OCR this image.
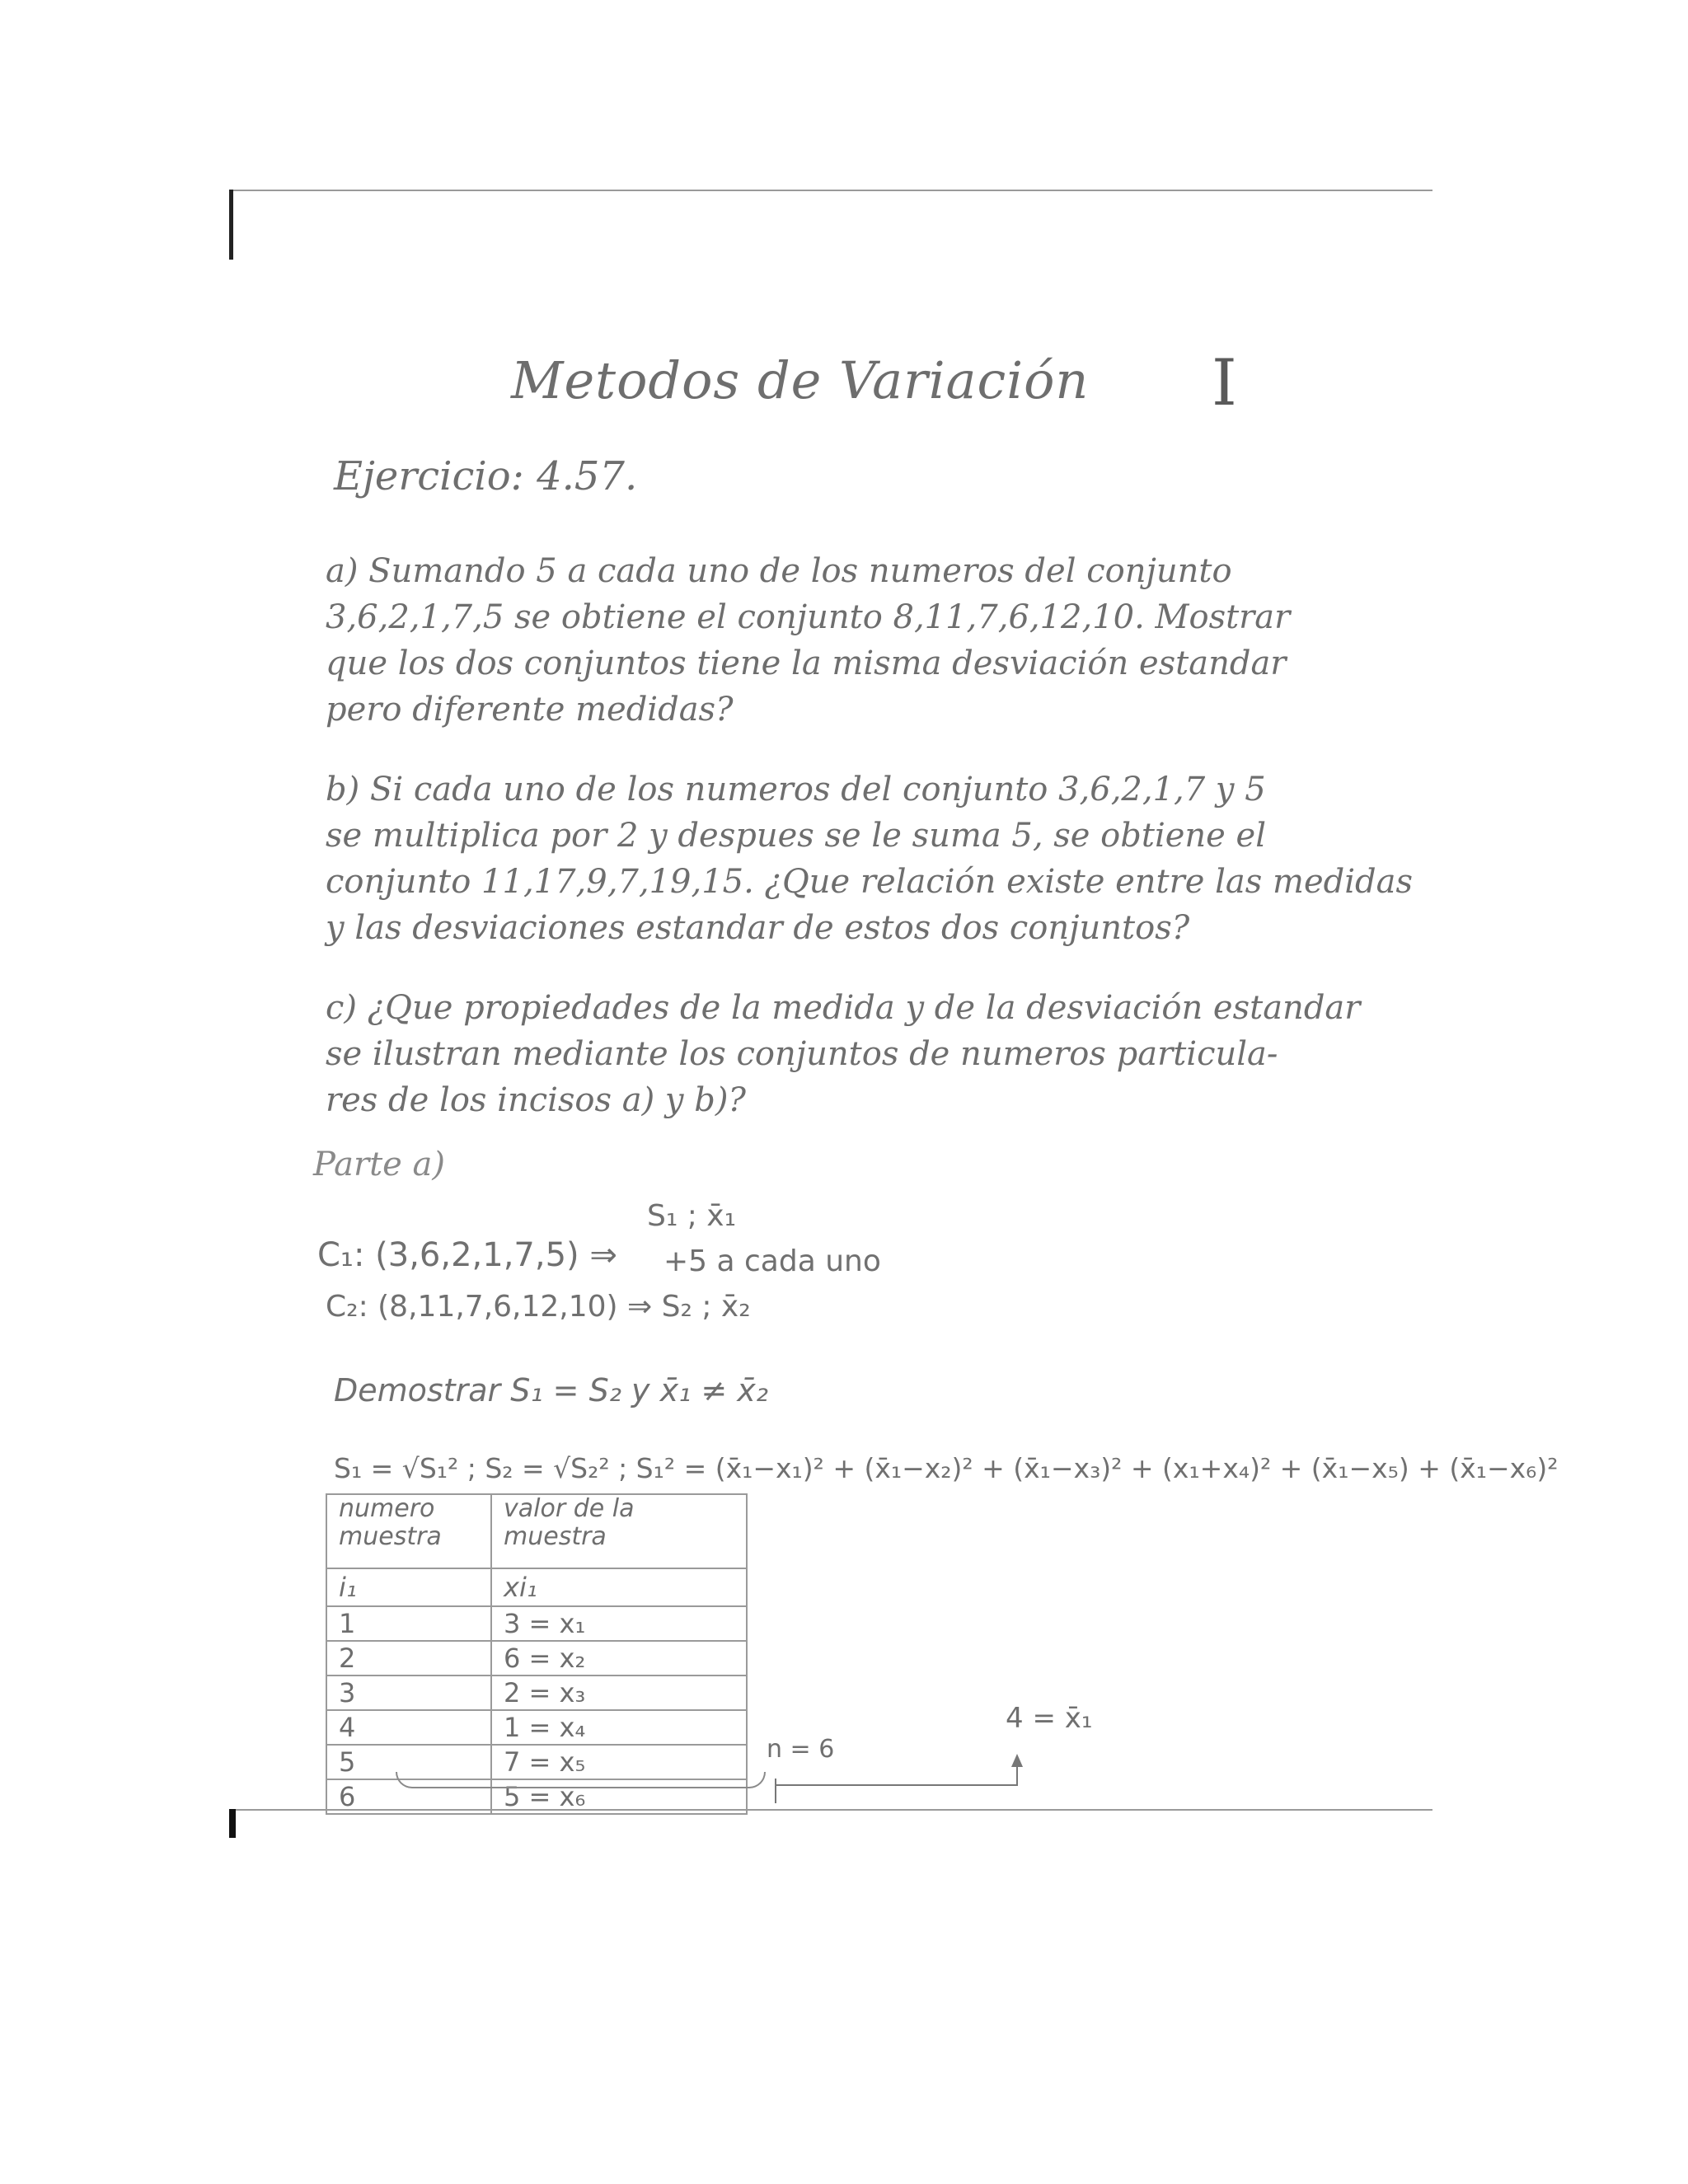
Metodos de Variación I
Ejercicio: 4.57.
a) Sumando 5 a cada uno de los numeros del conjunto
3,6,2,1,7,5 se obtiene el conjunto 8,11,7,6,12,10. Mostrar
que los dos conjuntos tiene la misma desviación estandar
pero diferente medidas?
b) Si cada uno de los numeros del conjunto 3,6,2,1,7 y 5
se multiplica por 2 y despues se le suma 5, se obtiene el
conjunto 11,17,9,7,19,15. ¿Que relación existe entre las medidas
y las desviaciones estandar de estos dos conjuntos?
c) ¿Que propiedades de la medida y de la desviación estandar
se ilustran mediante los conjuntos de numeros particula-
res de los incisos a) y b)?
Parte a)
C₁: (3,6,2,1,7,5) ⇒
S₁ ; x̄₁
+5 a cada uno
C₂: (8,11,7,6,12,10) ⇒ S₂ ; x̄₂
Demostrar S₁ = S₂ y x̄₁ ≠ x̄₂
S₁ = √S₁² ; S₂ = √S₂² ; S₁² = (x̄₁−x₁)² + (x̄₁−x₂)² + (x̄₁−x₃)² + (x₁+x₄)² + (x̄₁−x₅) + (x̄₁−x₆)²
numero muestra	valor de la muestra
i₁	xi₁
1	3 = x₁
2	6 = x₂
3	2 = x₃
4	1 = x₄
5	7 = x₅
6	5 = x₆
n = 6
4 = x̄₁
